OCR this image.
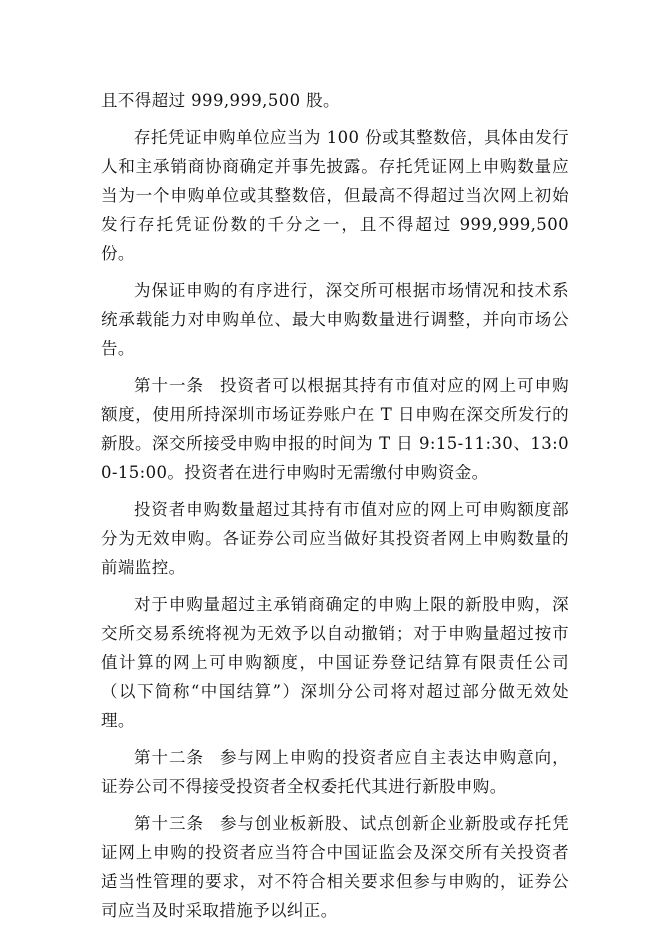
且不得超过 999,999,500 股。

存托凭证申购单位应当为 100 份或其整数倍，具体由发行人和主承销商协商确定并事先披露。存托凭证网上申购数量应当为一个申购单位或其整数倍，但最高不得超过当次网上初始发行存托凭证份数的千分之一，且不得超过 999,999,500 份。

为保证申购的有序进行，深交所可根据市场情况和技术系统承载能力对申购单位、最大申购数量进行调整，并向市场公告。

第十一条 投资者可以根据其持有市值对应的网上可申购额度，使用所持深圳市场证券账户在 T 日申购在深交所发行的新股。深交所接受申购申报的时间为 T 日 9:15-11:30、13:00-15:00。投资者在进行申购时无需缴付申购资金。

投资者申购数量超过其持有市值对应的网上可申购额度部分为无效申购。各证券公司应当做好其投资者网上申购数量的前端监控。

对于申购量超过主承销商确定的申购上限的新股申购，深交所交易系统将视为无效予以自动撤销；对于申购量超过按市值计算的网上可申购额度，中国证券登记结算有限责任公司（以下简称“中国结算”）深圳分公司将对超过部分做无效处理。

第十二条 参与网上申购的投资者应自主表达申购意向，证券公司不得接受投资者全权委托代其进行新股申购。

第十三条 参与创业板新股、试点创新企业新股或存托凭证网上申购的投资者应当符合中国证监会及深交所有关投资者适当性管理的要求，对不符合相关要求但参与申购的，证券公司应当及时采取措施予以纠正。
